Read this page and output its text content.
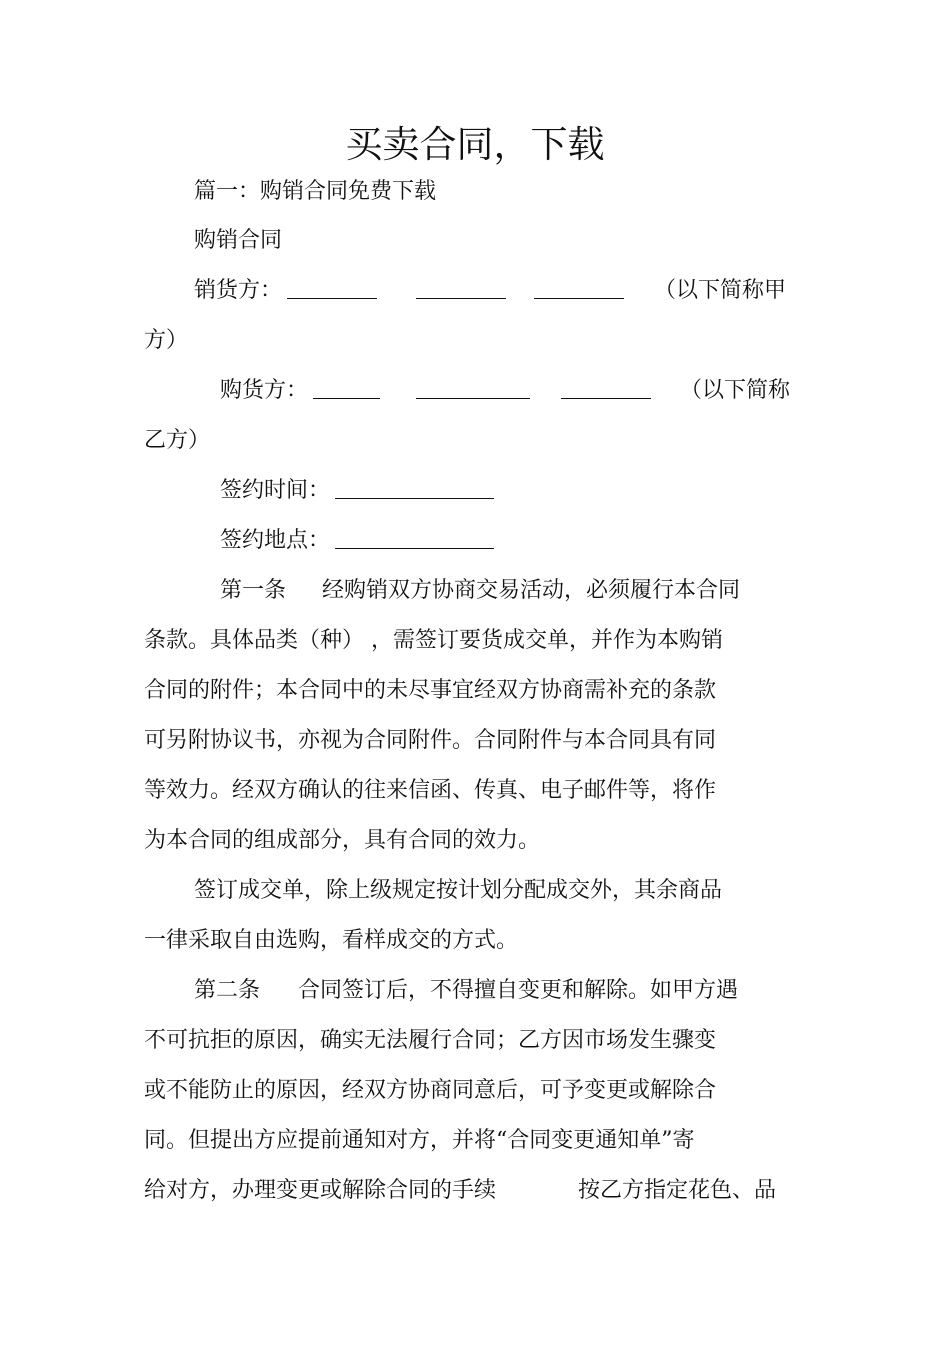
买卖合同，下载
篇一：购销合同免费下载
购销合同
销货方：	（以下简称甲
方）
购货方：	（以下简称
乙方）
签约时间：
签约地点：
第一条 经购销双方协商交易活动，必须履行本合同
条款。具体品类（种） ，需签订要货成交单，并作为本购销
合同的附件；本合同中的未尽事宜经双方协商需补充的条款
可另附协议书，亦视为合同附件。合同附件与本合同具有同
等效力。经双方确认的往来信函、传真、电子邮件等，将作
为本合同的组成部分，具有合同的效力。
签订成交单，除上级规定按计划分配成交外，其余商品
一律采取自由选购，看样成交的方式。
第二条 合同签订后，不得擅自变更和解除。如甲方遇
不可抗拒的原因，确实无法履行合同；乙方因市场发生骤变
或不能防止的原因，经双方协商同意后，可予变更或解除合
同。但提出方应提前通知对方，并将“合同变更通知单”寄
给对方，办理变更或解除合同的手续	按乙方指定花色、品
